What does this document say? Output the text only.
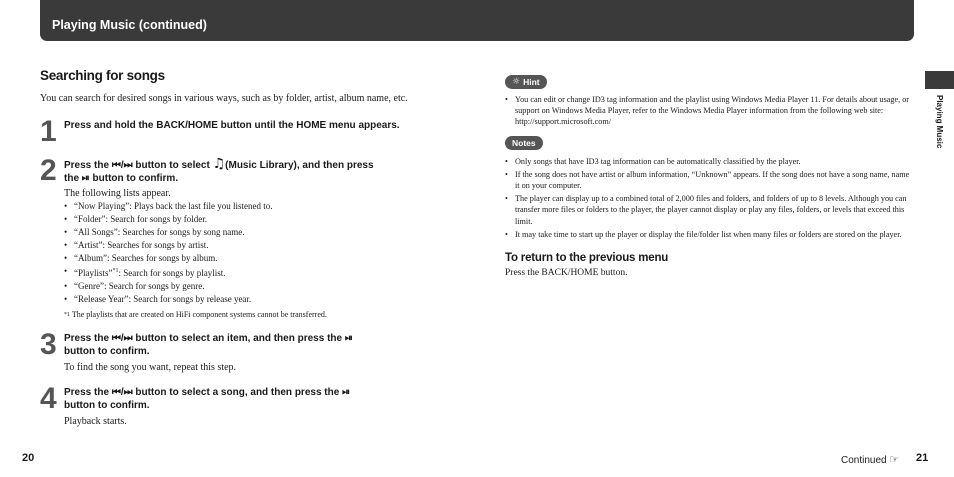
Playing Music (continued)
Searching for songs

You can search for desired songs in various ways, such as by folder, artist, album name, etc.

1 Press and hold the BACK/HOME button until the HOME menu appears.
2 Press the ⏮/⏭ button to select ♫(Music Library), and then press
the ⏯ button to confirm.

The following lists appear.

• “Now Playing”: Plays back the last file you listened to.
• “Folder”: Search for songs by folder.
• “All Songs”: Searches for songs by song name.
• “Artist”: Searches for songs by artist.
• “Album”: Searches for songs by album.
• “Playlists”$^{*1}$: Search for songs by playlist.
• “Genre”: Search for songs by genre.
• “Release Year”: Search for songs by release year.

$^{*1}$ The playlists that are created on HiFi component systems cannot be transferred.

3 Press the ⏮/⏭ button to select an item, and then press the ⏯
button to confirm.

To find the song you want, repeat this step.

4 Press the ⏮/⏭ button to select a song, and then press the ⏯
button to confirm.

Playback starts.

☼ Hint
• You can edit or change ID3 tag information and the playlist using Windows Media Player 11. For details about usage, or support on Windows Media Player, refer to the Windows Media Player information from the following web site: http://support.microsoft.com/
Notes
• Only songs that have ID3 tag information can be automatically classified by the player.
• If the song does not have artist or album information, “Unknown” appears. If the song does not have a song name, name it on your computer.
• The player can display up to a combined total of 2,000 files and folders, and folders of up to 8 levels. Although you can transfer more files or folders to the player, the player cannot display or play any files, folders, or levels that exceed this limit.
• It may take time to start up the player or display the file/folder list when many files or folders are stored on the player.
To return to the previous menu

Press the BACK/HOME button.

Playing Music
20	Continued ☞ 21
